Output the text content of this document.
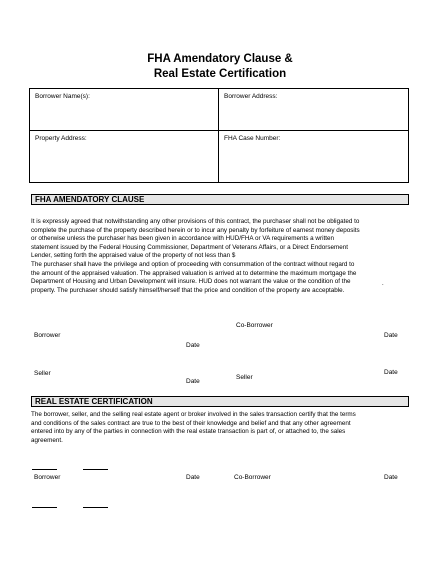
FHA Amendatory Clause &
Real Estate Certification
Borrower Name(s):	Borrower Address:
Property Address:	FHA Case Number:
FHA AMENDATORY CLAUSE
It is expressly agreed that notwithstanding any other provisions of this contract, the purchaser shall not be obligated to
complete the purchase of the property described herein or to incur any penalty by forfeiture of earnest money deposits
or otherwise unless the purchaser has been given in accordance with HUD/FHA or VA requirements a written
statement issued by the Federal Housing Commissioner, Department of Veterans Affairs, or a Direct Endorsement
Lender, setting forth the appraised value of the property of not less than $
The purchaser shall have the privilege and option of proceeding with consummation of the contract without regard to
the amount of the appraised valuation. The appraised valuation is arrived at to determine the maximum mortgage the
Department of Housing and Urban Development will insure. HUD does not warrant the value or the condition of the
property. The purchaser should satisfy himself/herself that the price and condition of the property are acceptable.
.
Co-Borrower
Borrower	Date
Date
Seller	Date
Seller
Date
REAL ESTATE CERTIFICATION
The borrower, seller, and the selling real estate agent or broker involved in the sales transaction certify that the terms
and conditions of the sales contract are true to the best of their knowledge and belief and that any other agreement
entered into by any of the parties in connection with the real estate transaction is part of, or attached to, the sales
agreement.
Borrower	Date	Co-Borrower	Date
